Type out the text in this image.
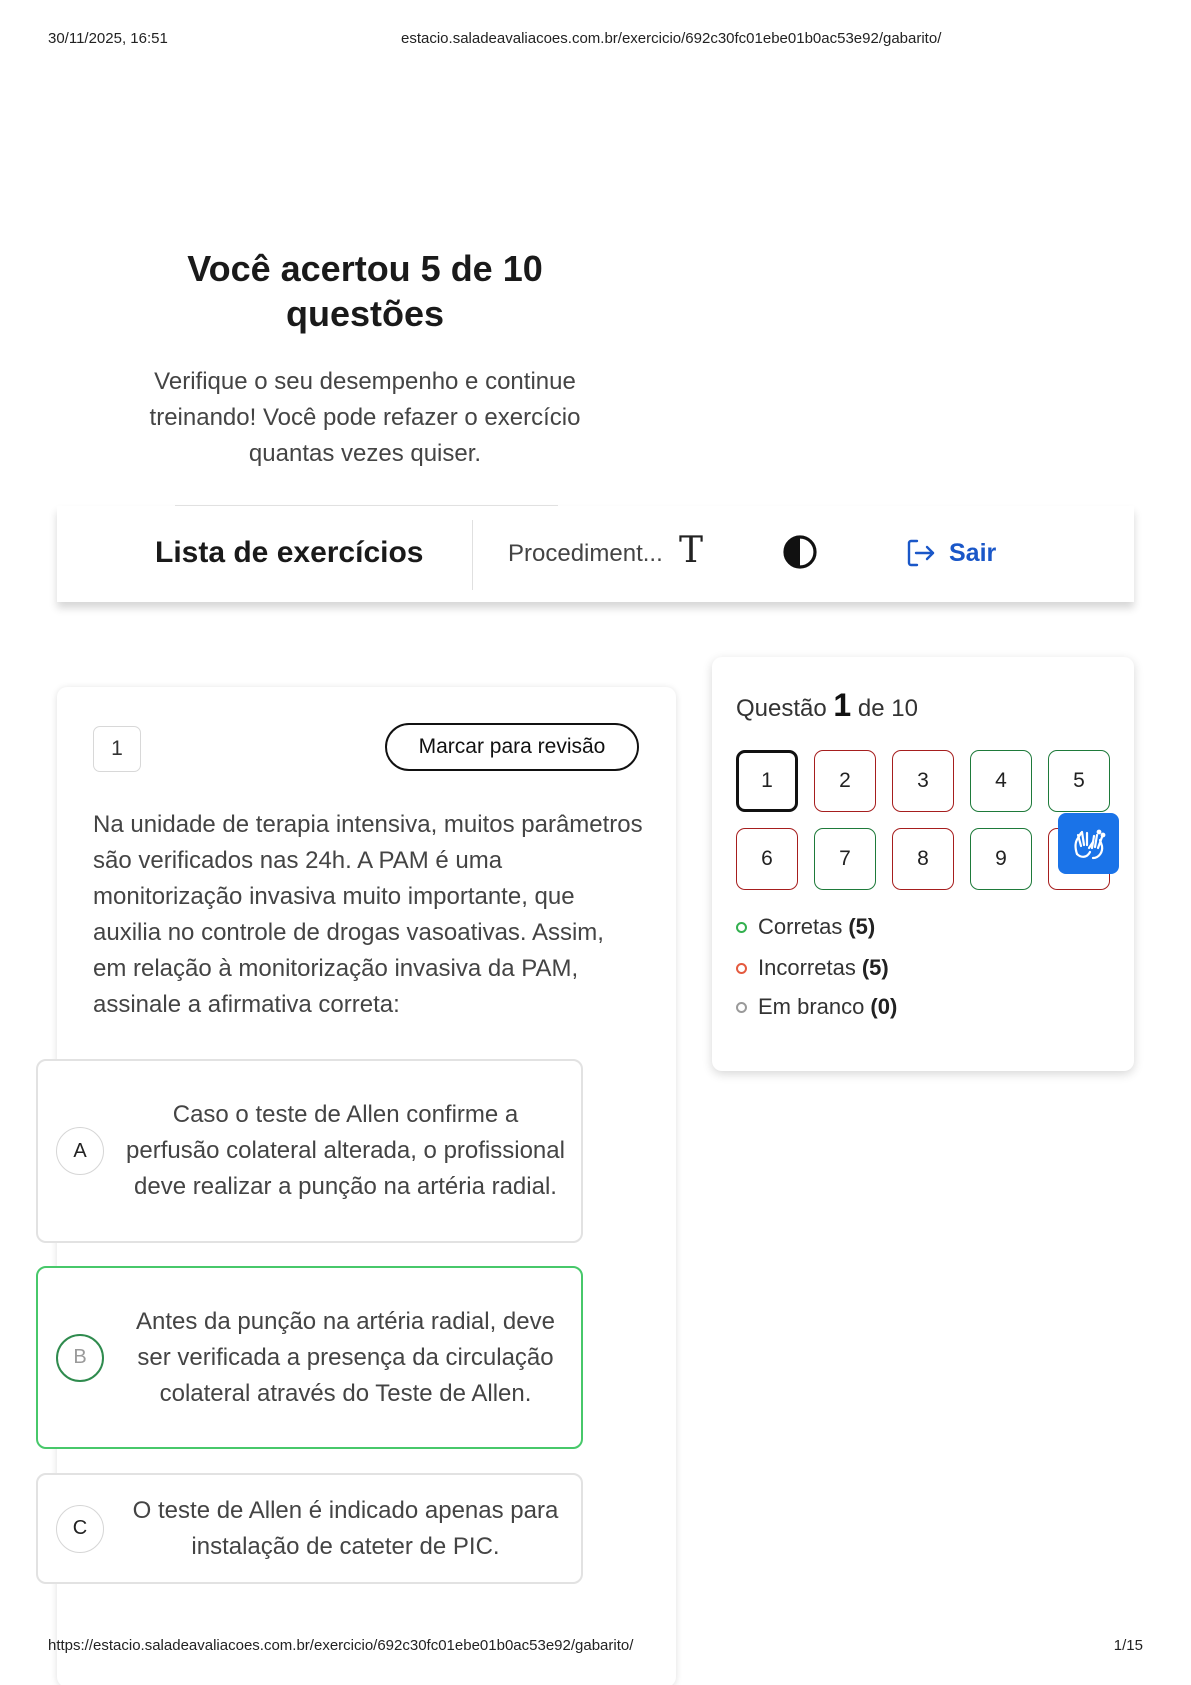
30/11/2025, 16:51	estacio.saladeavaliacoes.com.br/exercicio/692c30fc01ebe01b0ac53e92/gabarito/
Você acertou 5 de 10 questões

Verifique o seu desempenho e continue treinando! Você pode refazer o exercício quantas vezes quiser.

Lista de exercícios	Procediment... T	Sair
1	Marcar para revisão

Na unidade de terapia intensiva, muitos parâmetros são verificados nas 24h. A PAM é uma monitorização invasiva muito importante, que auxilia no controle de drogas vasoativas. Assim, em relação à monitorização invasiva da PAM, assinale a afirmativa correta:

A
Caso o teste de Allen confirme a perfusão colateral alterada, o profissional deve realizar a punção na artéria radial.
B
Antes da punção na artéria radial, deve ser verificada a presença da circulação colateral através do Teste de Allen.
C
O teste de Allen é indicado apenas para instalação de cateter de PIC.
Questão 1 de 10
1	2	3	4	5
6	7	8	9
Corretas (5)
Incorretas (5)
Em branco (0)
https://estacio.saladeavaliacoes.com.br/exercicio/692c30fc01ebe01b0ac53e92/gabarito/	1/15
